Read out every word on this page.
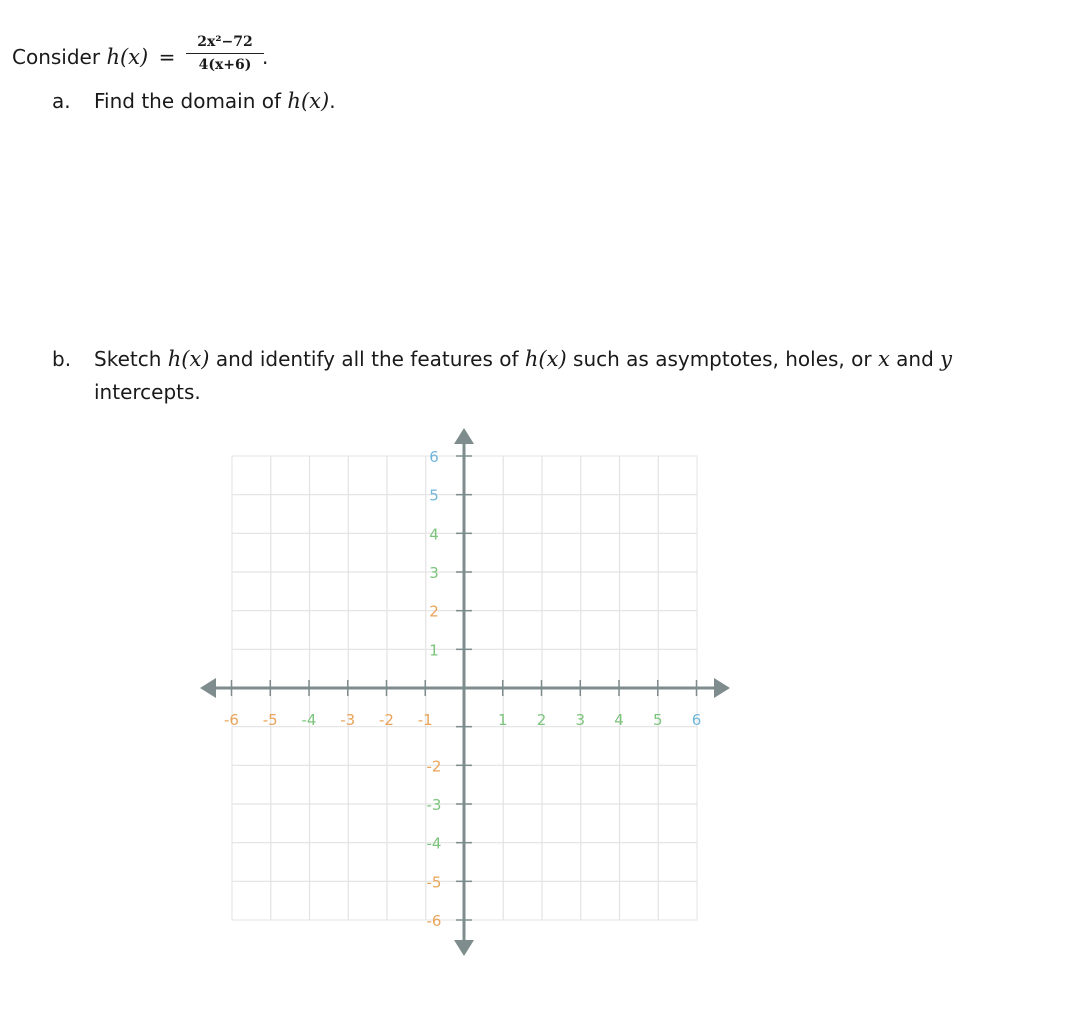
Consider h(x) =
2x²−72
4(x+6) .
a. Find the domain of h(x).
b. Sketch h(x) and identify all the features of h(x) such as asymptotes, holes, or x and y
intercepts.
-6 -5 -4 -3 -2 -1	1 2 3 4 5 6
6
5
4
3
2
1
-2
-3
-4
-5
-6
